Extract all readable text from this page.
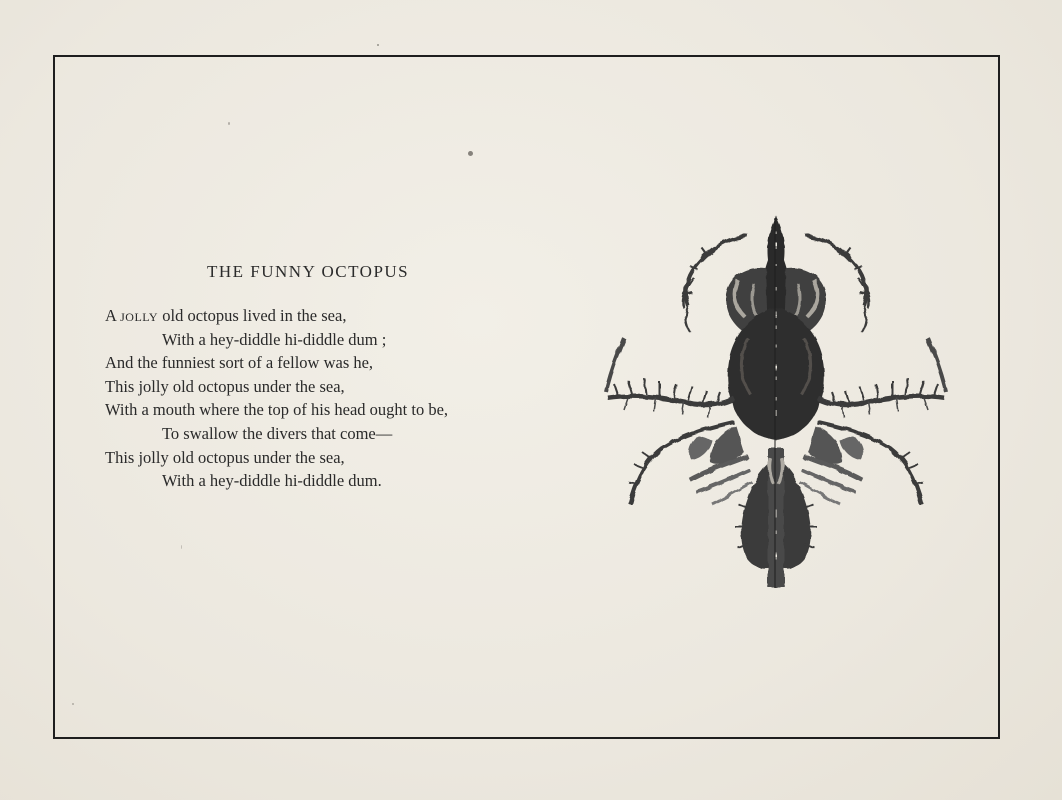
THE FUNNY OCTOPUS
A jolly old octopus lived in the sea,
With a hey-diddle hi-diddle dum ;
And the funniest sort of a fellow was he,
This jolly old octopus under the sea,
With a mouth where the top of his head ought to be,
To swallow the divers that come—
This jolly old octopus under the sea,
With a hey-diddle hi-diddle dum.
